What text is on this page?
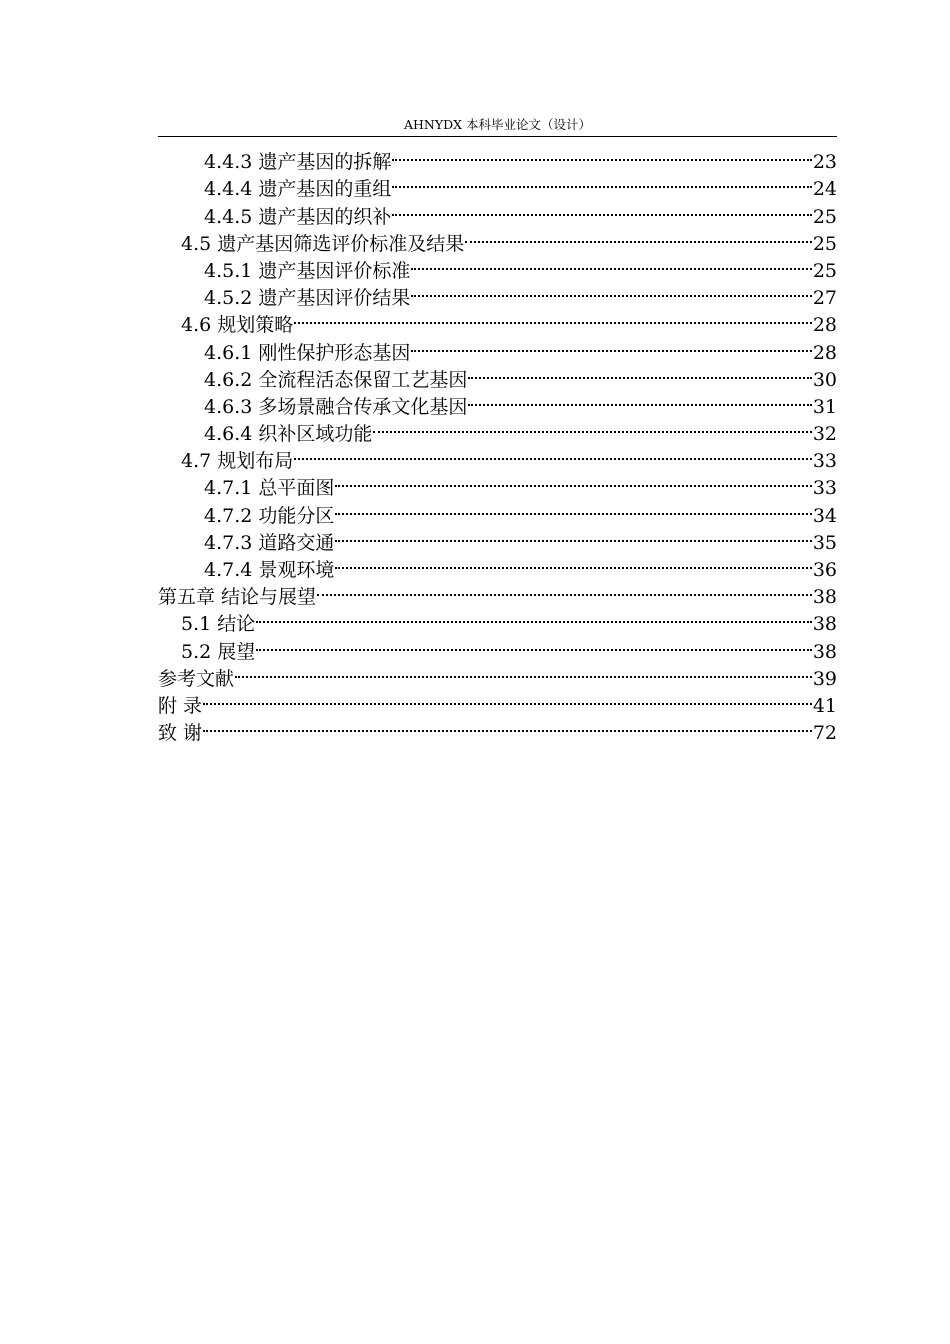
AHNYDX 本科毕业论文（设计）
4.4.3 遗产基因的拆解	23
4.4.4 遗产基因的重组	24
4.4.5 遗产基因的织补	25
4.5 遗产基因筛选评价标准及结果	25
4.5.1 遗产基因评价标准	25
4.5.2 遗产基因评价结果	27
4.6 规划策略	28
4.6.1 刚性保护形态基因	28
4.6.2 全流程活态保留工艺基因	30
4.6.3 多场景融合传承文化基因	31
4.6.4 织补区域功能	32
4.7 规划布局	33
4.7.1 总平面图	33
4.7.2 功能分区	34
4.7.3 道路交通	35
4.7.4 景观环境	36
第五章 结论与展望	38
5.1 结论	38
5.2 展望	38
参考文献	39
附 录	41
致 谢	72
